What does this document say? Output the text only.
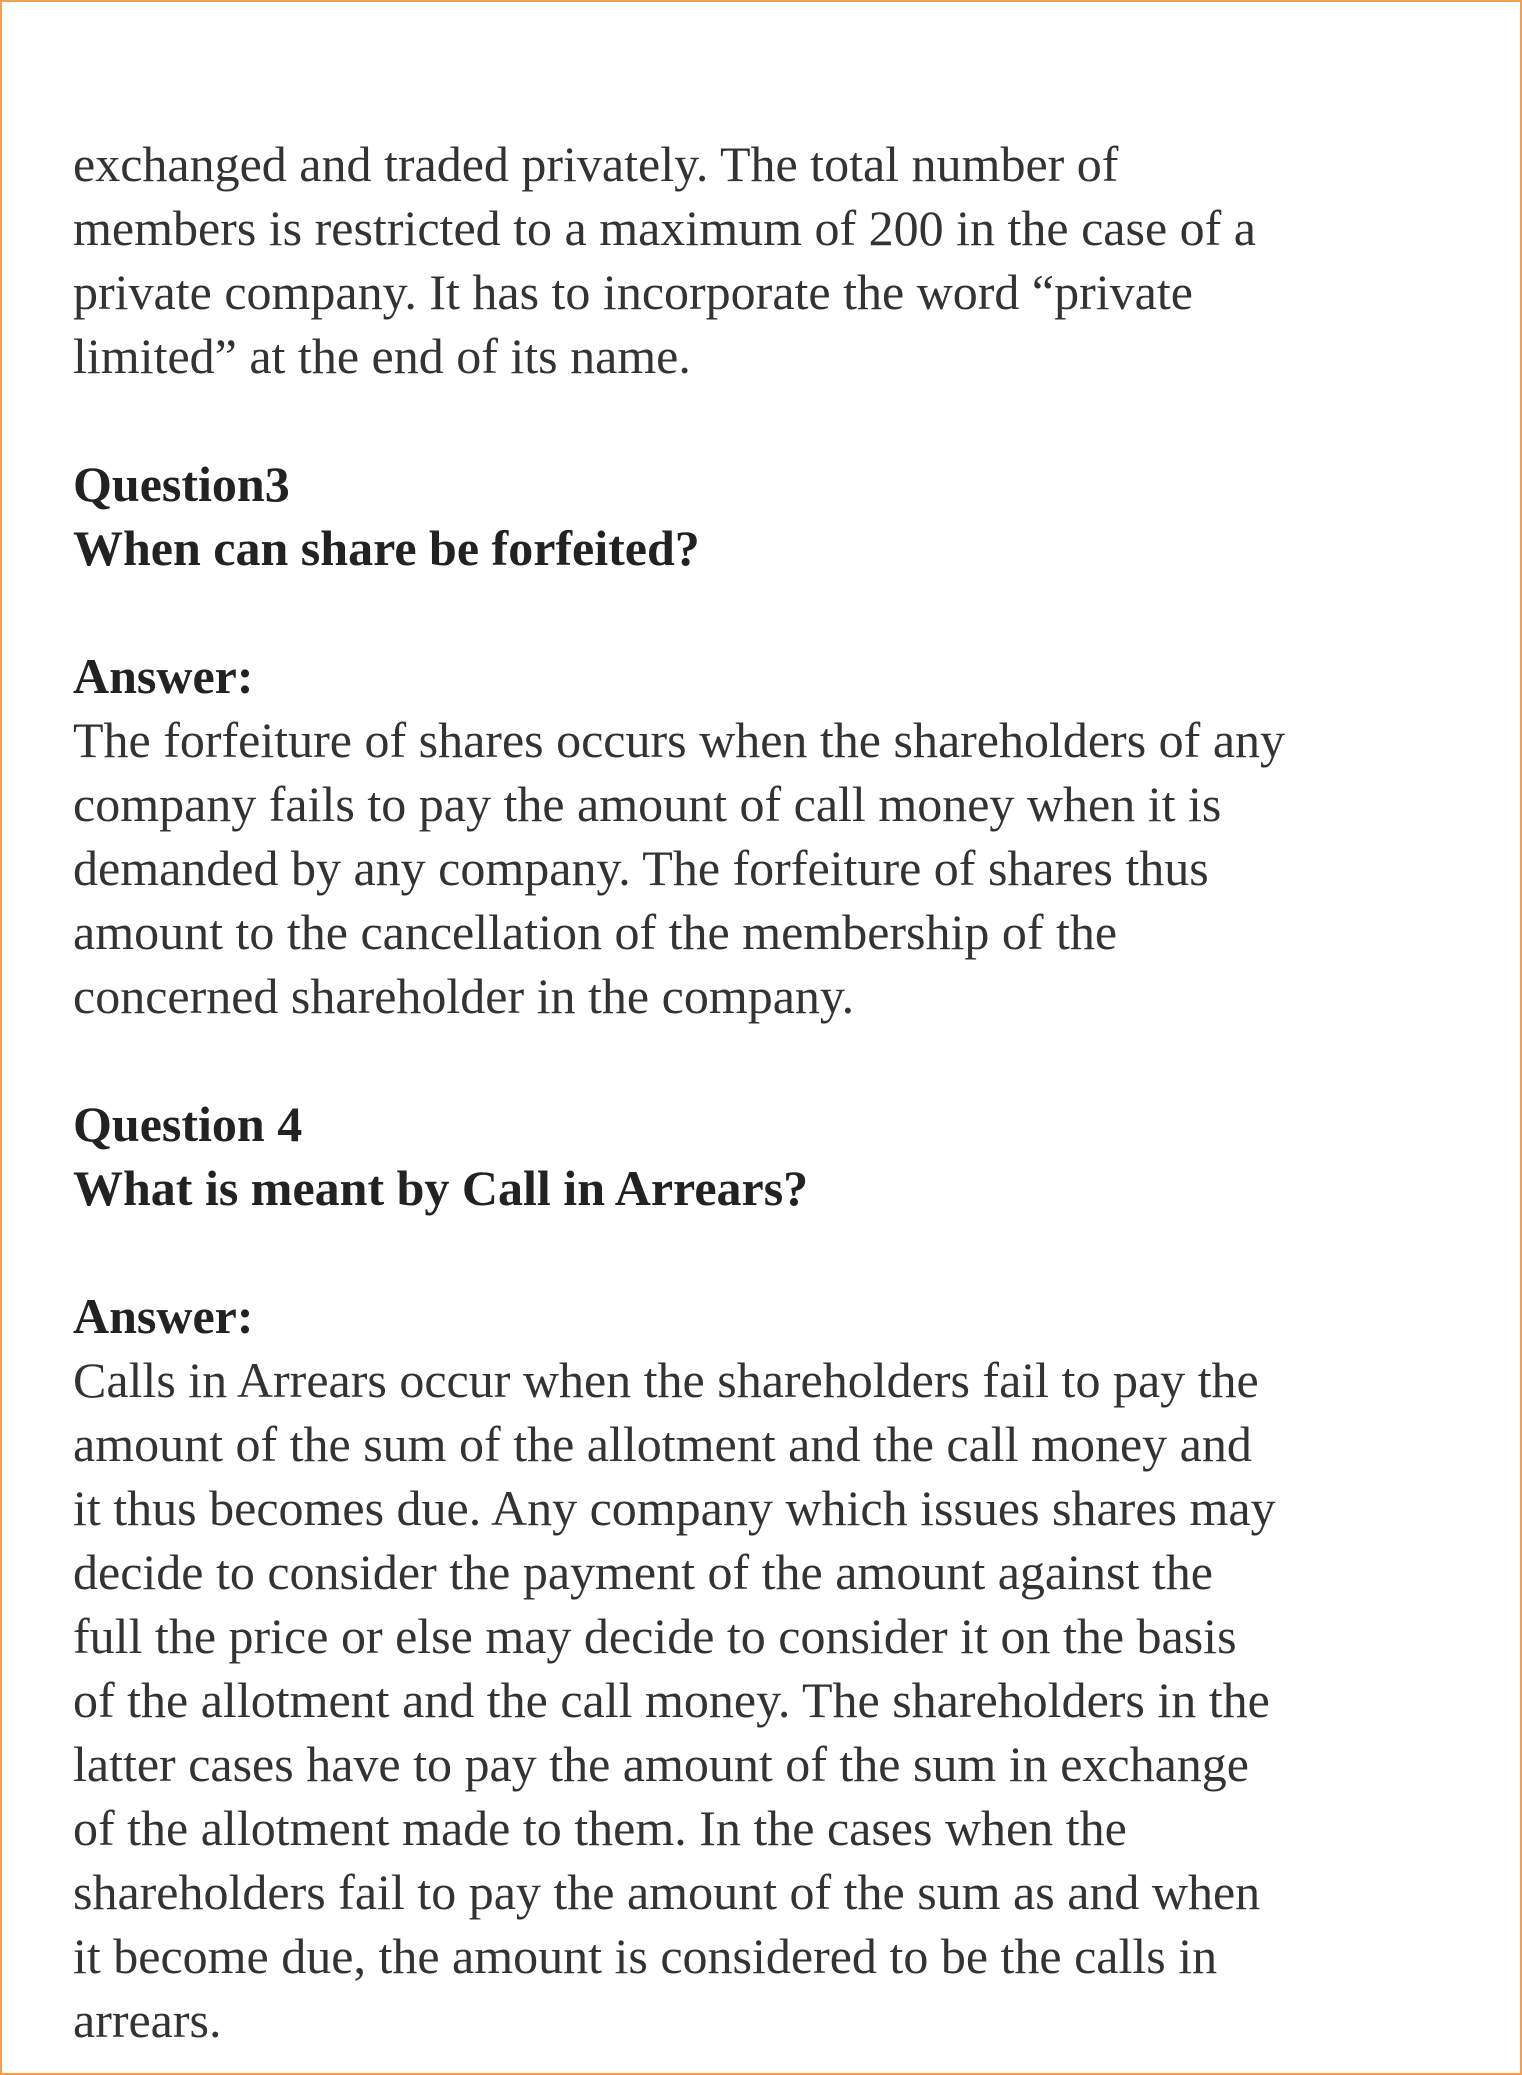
exchanged and traded privately. The total number of
members is restricted to a maximum of 200 in the case of a
private company. It has to incorporate the word “private
limited” at the end of its name.
Question3
When can share be forfeited?
Answer:
The forfeiture of shares occurs when the shareholders of any
company fails to pay the amount of call money when it is
demanded by any company. The forfeiture of shares thus
amount to the cancellation of the membership of the
concerned shareholder in the company.
Question 4
What is meant by Call in Arrears?
Answer:
Calls in Arrears occur when the shareholders fail to pay the
amount of the sum of the allotment and the call money and
it thus becomes due. Any company which issues shares may
decide to consider the payment of the amount against the
full the price or else may decide to consider it on the basis
of the allotment and the call money. The shareholders in the
latter cases have to pay the amount of the sum in exchange
of the allotment made to them. In the cases when the
shareholders fail to pay the amount of the sum as and when
it become due, the amount is considered to be the calls in
arrears.
